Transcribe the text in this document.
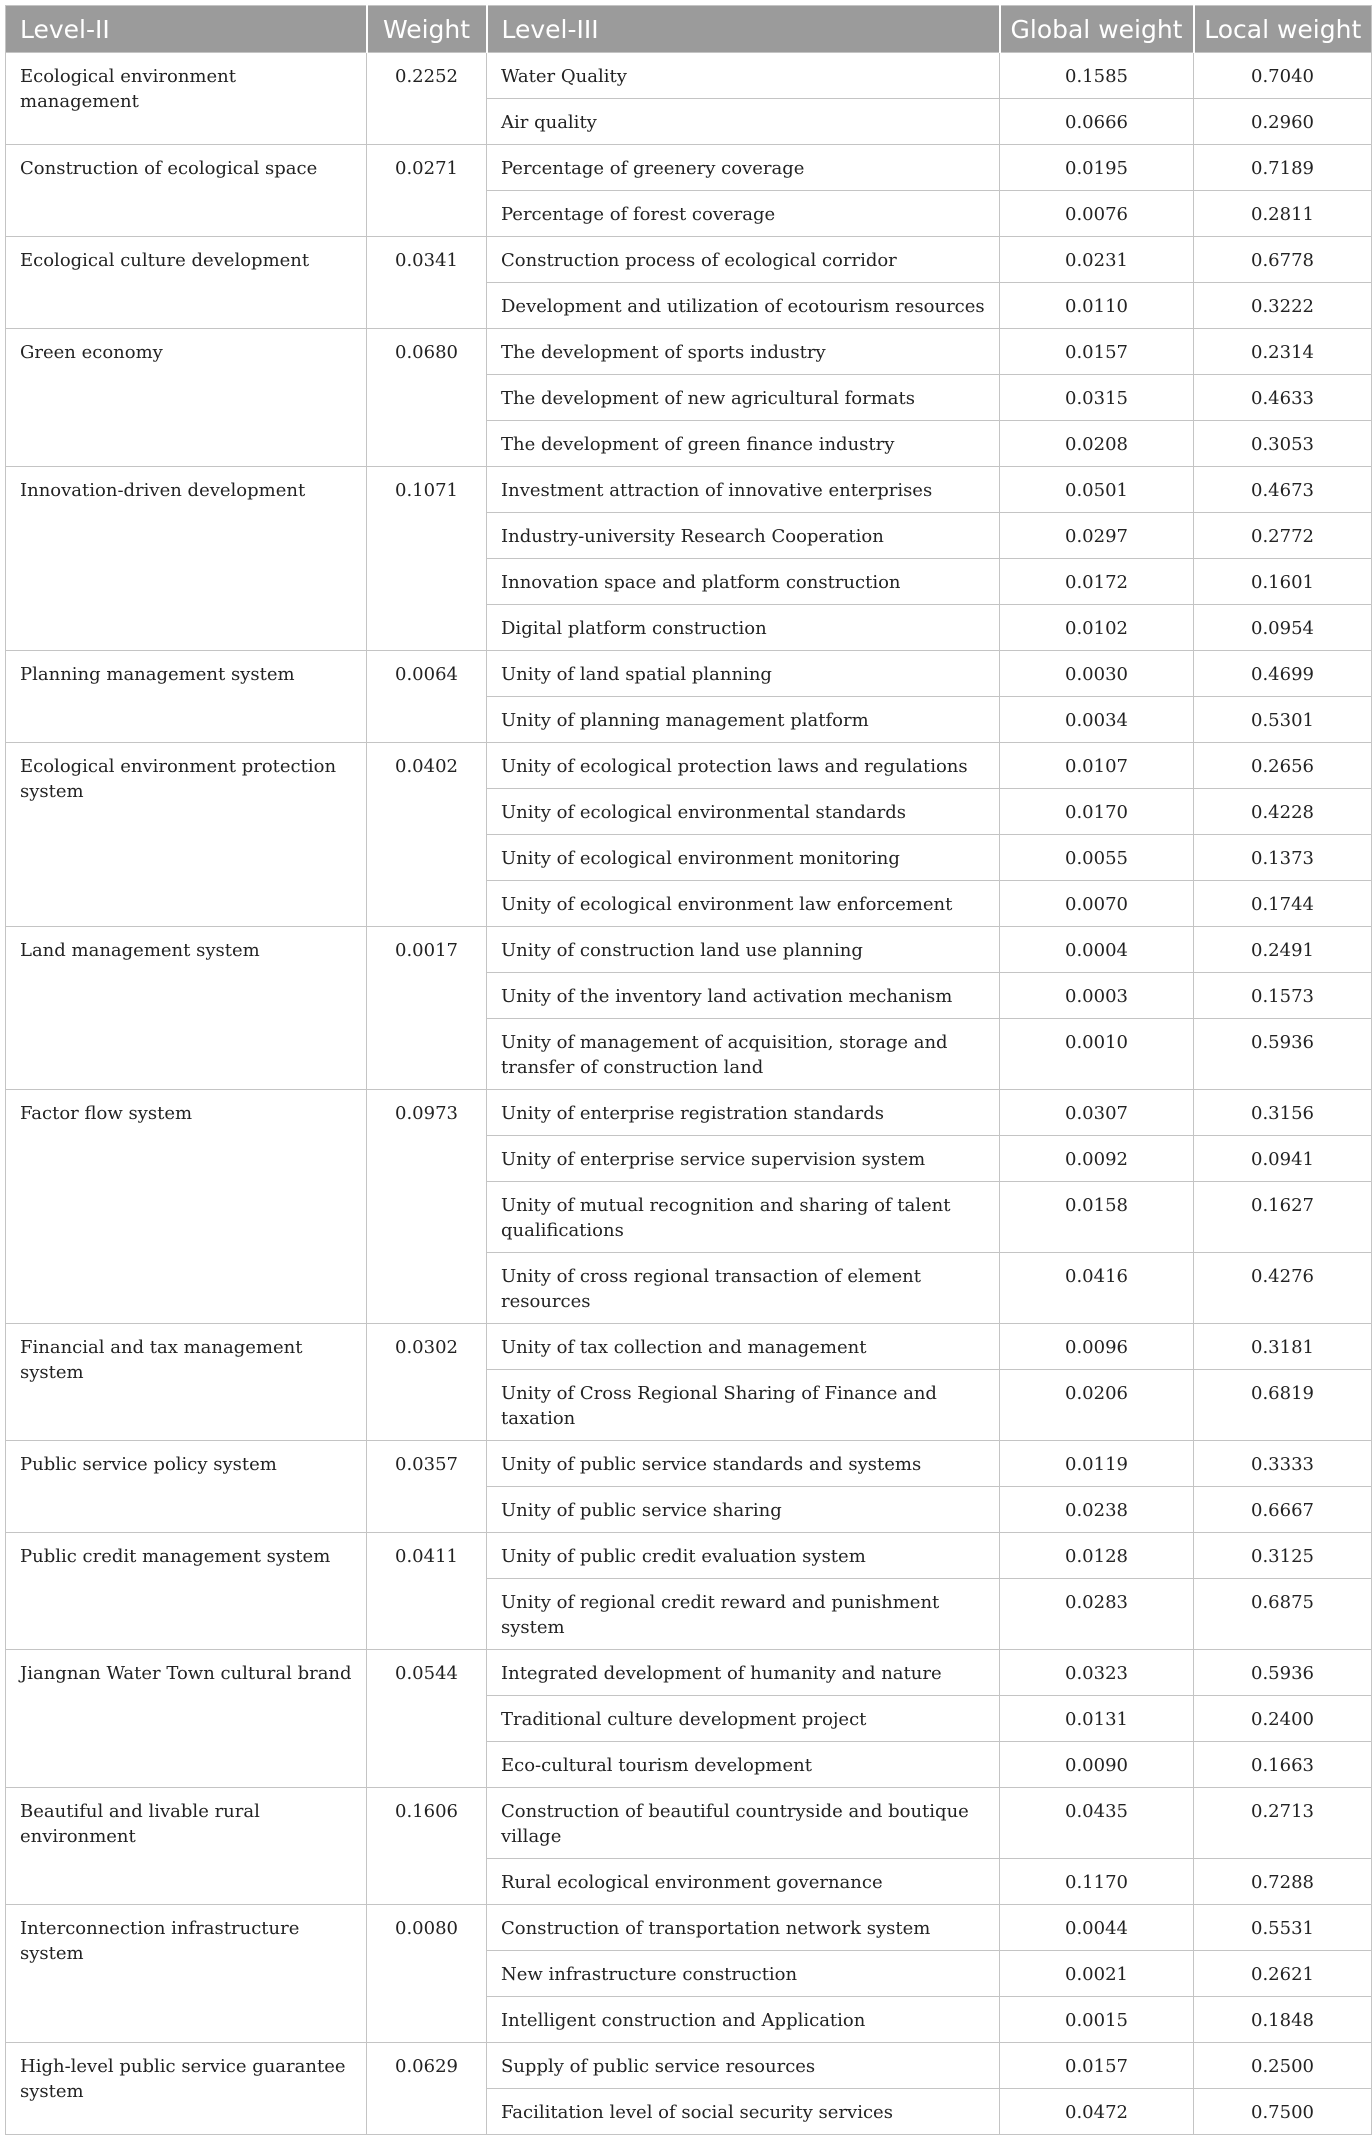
Level-II	Weight	Level-III	Global weight	Local weight
Ecological environment management	0.2252	Water Quality	0.1585	0.7040
		Air quality	0.0666	0.2960
Construction of ecological space	0.0271	Percentage of greenery coverage	0.0195	0.7189
		Percentage of forest coverage	0.0076	0.2811
Ecological culture development	0.0341	Construction process of ecological corridor	0.0231	0.6778
		Development and utilization of ecotourism resources	0.0110	0.3222
Green economy	0.0680	The development of sports industry	0.0157	0.2314
		The development of new agricultural formats	0.0315	0.4633
		The development of green finance industry	0.0208	0.3053
Innovation-driven development	0.1071	Investment attraction of innovative enterprises	0.0501	0.4673
		Industry-university Research Cooperation	0.0297	0.2772
		Innovation space and platform construction	0.0172	0.1601
		Digital platform construction	0.0102	0.0954
Planning management system	0.0064	Unity of land spatial planning	0.0030	0.4699
		Unity of planning management platform	0.0034	0.5301
Ecological environment protection system	0.0402	Unity of ecological protection laws and regulations	0.0107	0.2656
		Unity of ecological environmental standards	0.0170	0.4228
		Unity of ecological environment monitoring	0.0055	0.1373
		Unity of ecological environment law enforcement	0.0070	0.1744
Land management system	0.0017	Unity of construction land use planning	0.0004	0.2491
		Unity of the inventory land activation mechanism	0.0003	0.1573
		Unity of management of acquisition, storage and transfer of construction land	0.0010	0.5936
Factor flow system	0.0973	Unity of enterprise registration standards	0.0307	0.3156
		Unity of enterprise service supervision system	0.0092	0.0941
		Unity of mutual recognition and sharing of talent qualifications	0.0158	0.1627
		Unity of cross regional transaction of element resources	0.0416	0.4276
Financial and tax management system	0.0302	Unity of tax collection and management	0.0096	0.3181
		Unity of Cross Regional Sharing of Finance and taxation	0.0206	0.6819
Public service policy system	0.0357	Unity of public service standards and systems	0.0119	0.3333
		Unity of public service sharing	0.0238	0.6667
Public credit management system	0.0411	Unity of public credit evaluation system	0.0128	0.3125
		Unity of regional credit reward and punishment system	0.0283	0.6875
Jiangnan Water Town cultural brand	0.0544	Integrated development of humanity and nature	0.0323	0.5936
		Traditional culture development project	0.0131	0.2400
		Eco-cultural tourism development	0.0090	0.1663
Beautiful and livable rural environment	0.1606	Construction of beautiful countryside and boutique village	0.0435	0.2713
		Rural ecological environment governance	0.1170	0.7288
Interconnection infrastructure system	0.0080	Construction of transportation network system	0.0044	0.5531
		New infrastructure construction	0.0021	0.2621
		Intelligent construction and Application	0.0015	0.1848
High-level public service guarantee system	0.0629	Supply of public service resources	0.0157	0.2500
		Facilitation level of social security services	0.0472	0.7500
